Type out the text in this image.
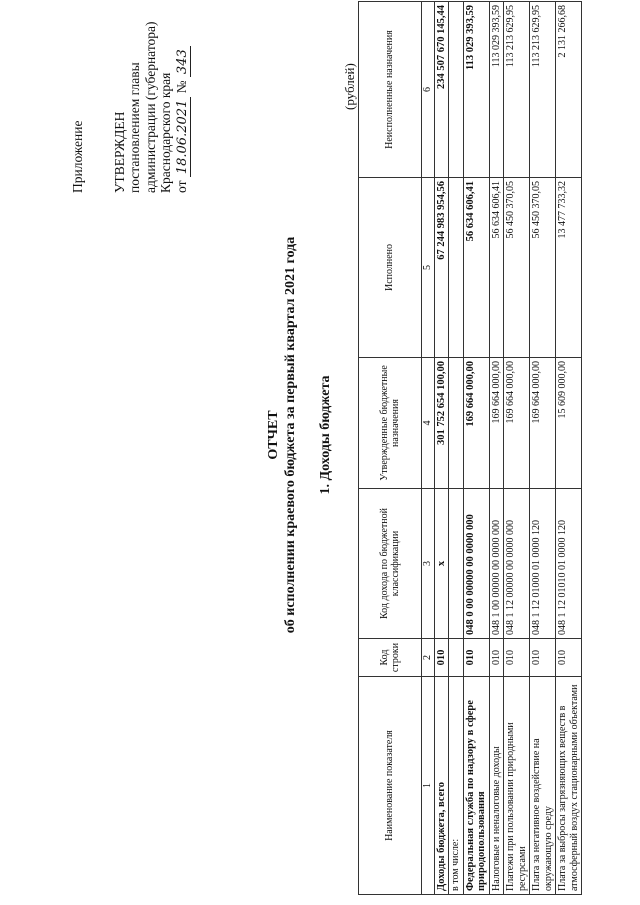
Приложение УТВЕРЖДЕН постановлением главы администрации (губернатора) Краснодарского края от 18.06.2021 № 343
ОТЧЕТ об исполнении краевого бюджета за первый квартал 2021 года 1. Доходы бюджета
(рублей)
Наименование показателя	Код строки	Код дохода по бюджетной классификации	Утвержденные бюджетные назначения	Исполнено	Неисполненные назначения
1	2	3	4	5	6
Доходы бюджета, всего	010	x	301 752 654 100,00	67 244 983 954,56	234 507 670 145,44
в том числе:					
Федеральная служба по надзору в сфере природопользования	010	048 0 00 00000 00 0000 000	169 664 000,00	56 634 606,41	113 029 393,59
Налоговые и неналоговые доходы	010	048 1 00 00000 00 0000 000	169 664 000,00	56 634 606,41	113 029 393,59
Платежи при пользовании природными ресурсами	010	048 1 12 00000 00 0000 000	169 664 000,00	56 450 370,05	113 213 629,95
Плата за негативное воздействие на окружающую среду	010	048 1 12 01000 01 0000 120	169 664 000,00	56 450 370,05	113 213 629,95
Плата за выбросы загрязняющих веществ в атмосферный воздух стационарными объектами	010	048 1 12 01010 01 0000 120	15 609 000,00	13 477 733,32	2 131 266,68
